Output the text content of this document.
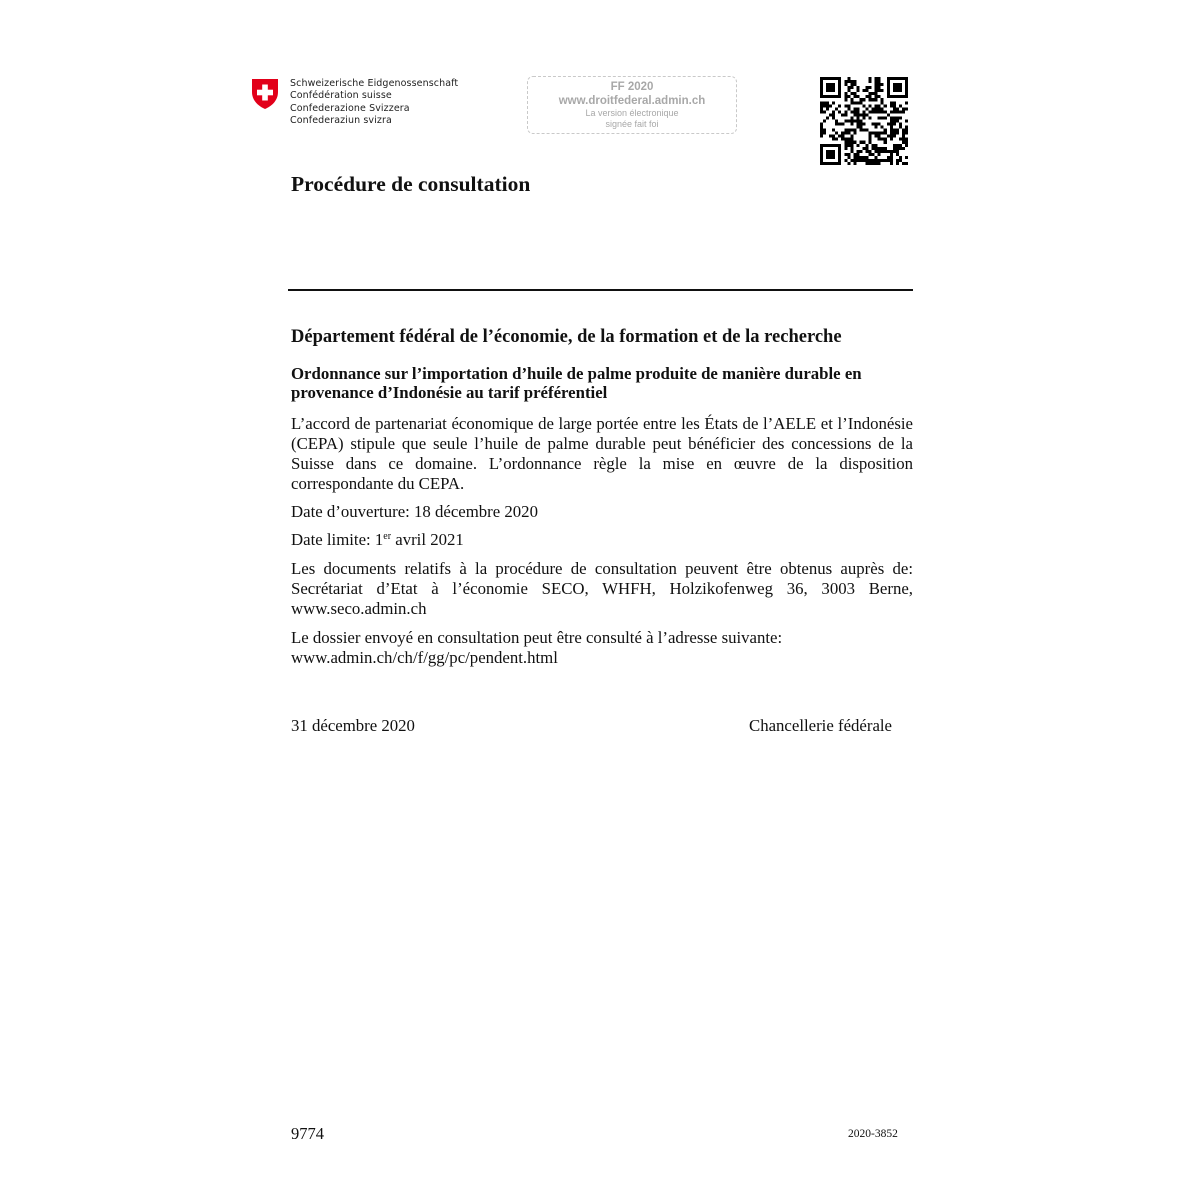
Schweizerische Eidgenossenschaft
Confédération suisse
Confederazione Svizzera
Confederaziun svizra
FF 2020
www.droitfederal.admin.ch
La version électronique
signée fait foi
Procédure de consultation
Département fédéral de l’économie, de la formation et de la recherche
Ordonnance sur l’importation d’huile de palme produite de manière durable en provenance d’Indonésie au tarif préférentiel
L’accord de partenariat économique de large portée entre les États de l’AELE et l’Indonésie (CEPA) stipule que seule l’huile de palme durable peut bénéficier des concessions de la Suisse dans ce domaine. L’ordonnance règle la mise en œuvre de la disposition correspondante du CEPA.
Date d’ouverture: 18 décembre 2020
Date limite: 1er avril 2021
Les documents relatifs à la procédure de consultation peuvent être obtenus auprès de: Secrétariat d’Etat à l’économie SECO, WHFH, Holzikofenweg 36, 3003 Berne, www.seco.admin.ch
Le dossier envoyé en consultation peut être consulté à l’adresse suivante:
www.admin.ch/ch/f/gg/pc/pendent.html
31 décembre 2020	Chancellerie fédérale
9774	2020-3852
